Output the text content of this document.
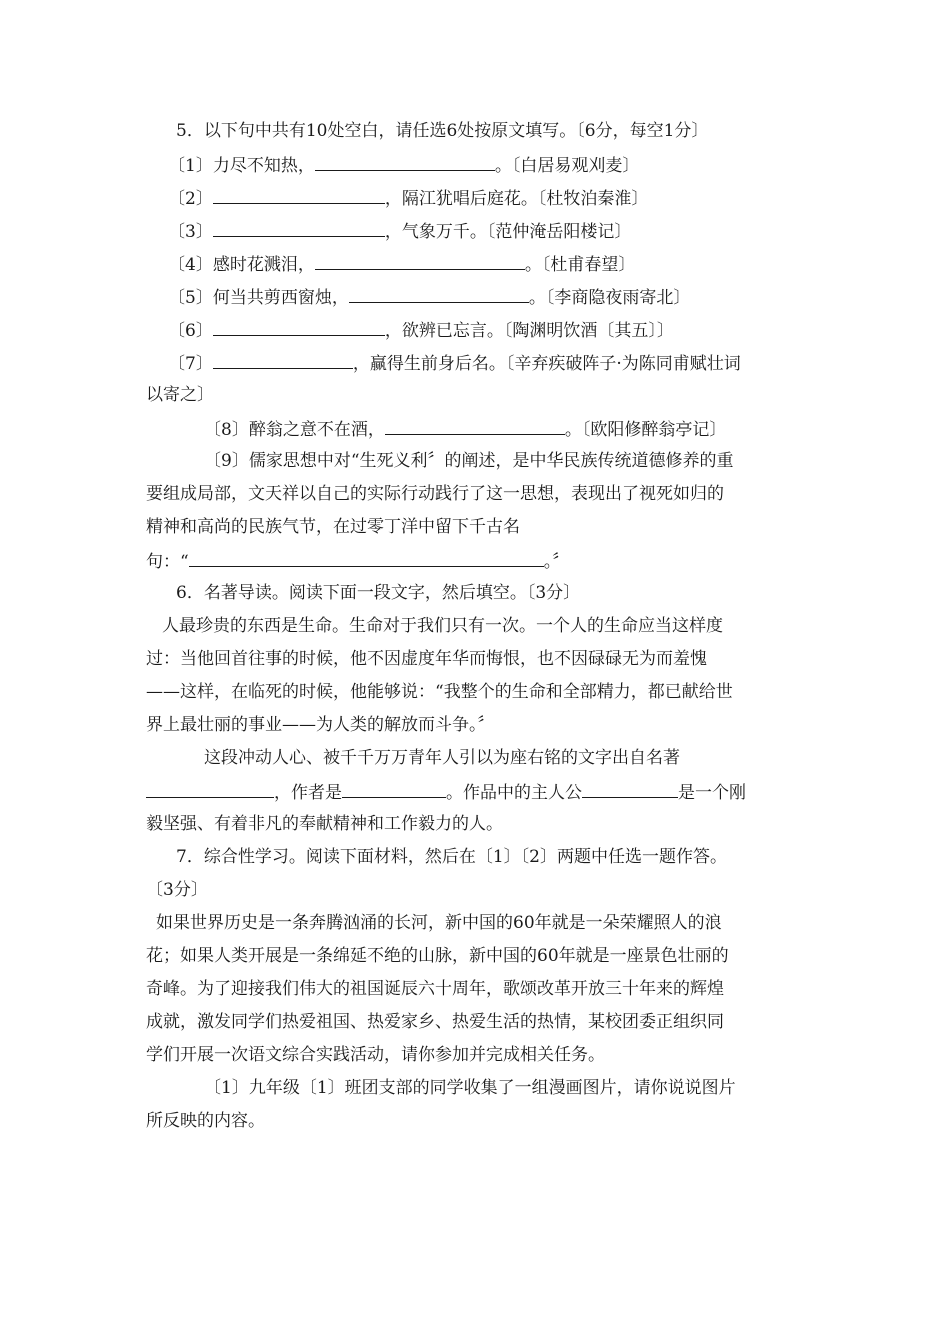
5．以下句中共有10处空白，请任选6处按原文填写。〔6分，每空1分〕
〔1〕力尽不知热，	。〔白居易观刈麦〕
〔2〕	，隔江犹唱后庭花。〔杜牧泊秦淮〕
〔3〕	，气象万千。〔范仲淹岳阳楼记〕
〔4〕感时花溅泪，	。〔杜甫春望〕
〔5〕何当共剪西窗烛，	。〔李商隐夜雨寄北〕
〔6〕	，欲辨已忘言。〔陶渊明饮酒〔其五〕〕
〔7〕	，赢得生前身后名。〔辛弃疾破阵子·为陈同甫赋壮词
以寄之〕
〔8〕醉翁之意不在酒，	。〔欧阳修醉翁亭记〕
〔9〕儒家思想中对“生死义利〞的阐述，是中华民族传统道德修养的重
要组成局部，文天祥以自己的实际行动践行了这一思想，表现出了视死如归的
精神和高尚的民族气节，在过零丁洋中留下千古名
句：“	。〞
6．名著导读。阅读下面一段文字，然后填空。〔3分〕
人最珍贵的东西是生命。生命对于我们只有一次。一个人的生命应当这样度
过：当他回首往事的时候，他不因虚度年华而悔恨，也不因碌碌无为而羞愧
——这样，在临死的时候，他能够说：“我整个的生命和全部精力，都已献给世
界上最壮丽的事业——为人类的解放而斗争。〞
这段冲动人心、被千千万万青年人引以为座右铭的文字出自名著
，作者是	。作品中的主人公	是一个刚
毅坚强、有着非凡的奉献精神和工作毅力的人。
7．综合性学习。阅读下面材料，然后在〔1〕〔2〕两题中任选一题作答。
〔3分〕
如果世界历史是一条奔腾汹涌的长河，新中国的60年就是一朵荣耀照人的浪
花；如果人类开展是一条绵延不绝的山脉，新中国的60年就是一座景色壮丽的
奇峰。为了迎接我们伟大的祖国诞辰六十周年，歌颂改革开放三十年来的辉煌
成就，激发同学们热爱祖国、热爱家乡、热爱生活的热情，某校团委正组织同
学们开展一次语文综合实践活动，请你参加并完成相关任务。
〔1〕九年级〔1〕班团支部的同学收集了一组漫画图片，请你说说图片
所反映的内容。
